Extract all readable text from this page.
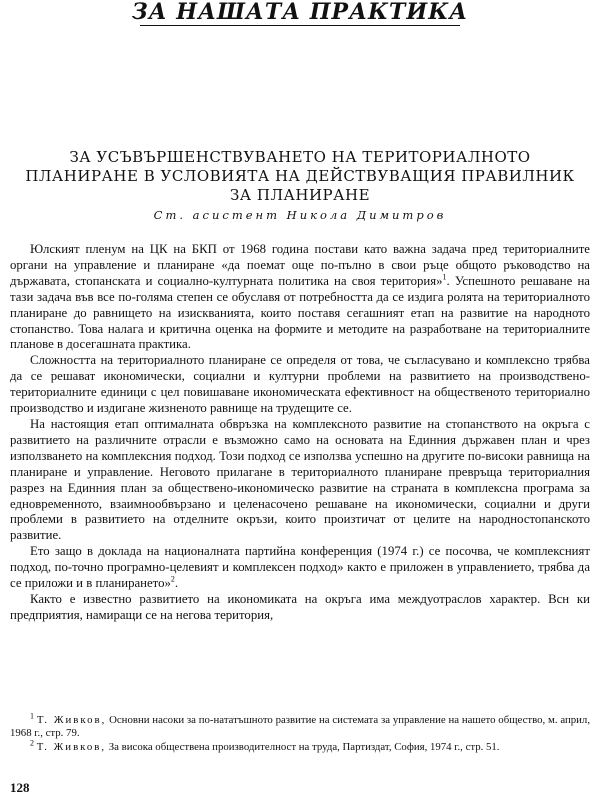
ЗА НАШАТА ПРАКТИКА
ЗА УСЪВЪРШЕНСТВУВАНЕТО НА ТЕРИТОРИАЛНОТО
ПЛАНИРАНЕ В УСЛОВИЯТА НА ДЕЙСТВУВАЩИЯ ПРАВИЛНИК
ЗА ПЛАНИРАНЕ
Ст. асистент Никола Димитров

Юлският пленум на ЦК на БКП от 1968 година постави като важна задача пред териториалните органи на управление и планиране «да поемат още по-пълно в свои ръце общото ръководство на държавата, стопанската и социално-културната политика на своя територия»$^1$. Успешното решаване на тази задача във все по-голяма степен се обуславя от потребността да се издига ролята на териториалното планиране до равнището на изискванията, които поставя сегашният етап на развитие на народното стопанство. Това налага и критична оценка на формите и методите на разработване на териториалните планове в досегашната практика.

Сложността на териториалното планиране се определя от това, че съгласувано и комплексно трябва да се решават икономически, социални и културни проблеми на развитието на производствено-териториалните единици с цел повишаване икономическата ефективност на общественото териториално производство и издигане жизненото равнище на трудещите се.

На настоящия етап оптималната обвръзка на комплексното развитие на стопанството на окръга с развитието на различните отрасли е възможно само на основата на Единния държавен план и чрез използването на комплексния подход. Този подход се използва успешно на другите по-високи равнища на планиране и управление. Неговото прилагане в териториалното планиране превръща териториалния разрез на Единния план за обществено-икономическо развитие на страната в комплексна програма за едновременното, взаимнообвързано и целенасочено решаване на икономически, социални и други проблеми в развитието на отделните окръзи, които произтичат от целите на народностопанското развитие.

Ето защо в доклада на националната партийна конференция (1974 г.) се посочва, че комплексният подход, по-точно програмно-целевият и комплексен подход» както е приложен в управлението, трябва да се приложи и в планирането»$^2$.

Както е известно развитието на икономиката на окръга има междуотраслов характер. Всн ки предприятия, намиращи се на негова територия,

$^1$ Т. Живков, Основни насоки за по-нататъшното развитие на системата за управление на нашето общество, м. април, 1968 г., стр. 79.

$^2$ Т. Живков, За висока обществена производителност на труда, Партиздат, София, 1974 г., стр. 51.

128
